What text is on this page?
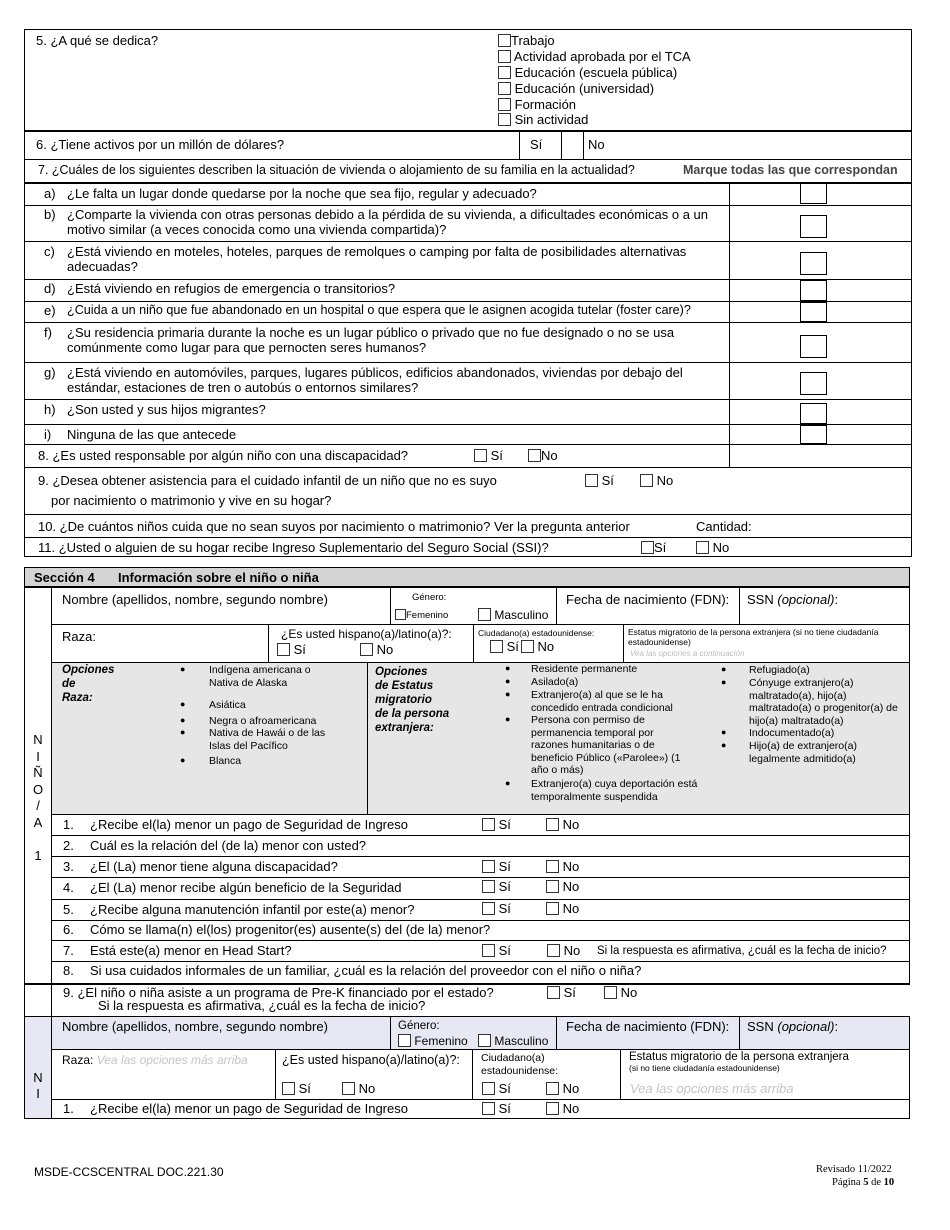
5. ¿A qué se dedica?	Trabajo
Actividad aprobada por el TCA
Educación (escuela pública)
Educación (universidad)
Formación
Sin actividad
6. ¿Tiene activos por un millón de dólares?	Sí	No
7. ¿Cuáles de los siguientes describen la situación de vivienda o alojamiento de su familia en la actualidad?	Marque todas las que correspondan
a) ¿Le falta un lugar donde quedarse por la noche que sea fijo, regular y adecuado?
b) ¿Comparte la vivienda con otras personas debido a la pérdida de su vivienda, a dificultades económicas o a un motivo similar (a veces conocida como una vivienda compartida)?
c) ¿Está viviendo en moteles, hoteles, parques de remolques o camping por falta de posibilidades alternativas adecuadas?
d) ¿Está viviendo en refugios de emergencia o transitorios?
e) ¿Cuida a un niño que fue abandonado en un hospital o que espera que le asignen acogida tutelar (foster care)?
f) ¿Su residencia primaria durante la noche es un lugar público o privado que no fue designado o no se usa comúnmente como lugar para que pernocten seres humanos?
g) ¿Está viviendo en automóviles, parques, lugares públicos, edificios abandonados, viviendas por debajo del estándar, estaciones de tren o autobús o entornos similares?
h) ¿Son usted y sus hijos migrantes?
i) Ninguna de las que antecede
8. ¿Es usted responsable por algún niño con una discapacidad?	Sí	No
9. ¿Desea obtener asistencia para el cuidado infantil de un niño que no es suyo
por nacimiento o matrimonio y vive en su hogar?
Sí	No
10. ¿De cuántos niños cuida que no sean suyos por nacimiento o matrimonio? Ver la pregunta anterior	Cantidad:
11. ¿Usted o alguien de su hogar recibe Ingreso Suplementario del Seguro Social (SSI)?	Sí	No
Sección 4 Información sobre el niño o niña
N
I
Ñ
O
/
A
1
Nombre (apellidos, nombre, segundo nombre)	Género:
Femenino	Masculino
Fecha de nacimiento (FDN): SSN (opcional):
Raza:	¿Es usted hispano(a)/latino(a)?:
Sí	No
Ciudadano(a) estadounidense:
Sí No
Estatus migratorio de la persona extranjera (si no tiene ciudadanía estadounidense)
Vea las opciones a continuación
Opciones
de
Raza:
● Indígena americana o Nativa de Alaska
● Asiática
● Negra o afroamericana
● Nativa de Hawái o de las Islas del Pacífico
● Blanca
Opciones
de Estatus
migratorio
de la persona
extranjera:
● Residente permanente
● Asilado(a)
● Extranjero(a) al que se le ha concedido entrada condicional
● Persona con permiso de permanencia temporal por razones humanitarias o de beneficio Público («Parolee») (1 año o más)
● Extranjero(a) cuya deportación está temporalmente suspendida
● Refugiado(a)
● Cónyuge extranjero(a) maltratado(a), hijo(a) maltratado(a) o progenitor(a) de hijo(a) maltratado(a)
● Indocumentado(a)
● Hijo(a) de extranjero(a) legalmente admitido(a)
1. ¿Recibe el(la) menor un pago de Seguridad de Ingreso	Sí	No
2. Cuál es la relación del (de la) menor con usted?
3. ¿El (La) menor tiene alguna discapacidad?	Sí	No
4. ¿El (La) menor recibe algún beneficio de la Seguridad	Sí	No
5. ¿Recibe alguna manutención infantil por este(a) menor?	Sí	No
6. Cómo se llama(n) el(los) progenitor(es) ausente(s) del (de la) menor?
7. Está este(a) menor en Head Start?	Sí	No Si la respuesta es afirmativa, ¿cuál es la fecha de inicio?
8. Si usa cuidados informales de un familiar, ¿cuál es la relación del proveedor con el niño o niña?
9. ¿El niño o niña asiste a un programa de Pre-K financiado por el estado?
Si la respuesta es afirmativa, ¿cuál es la fecha de inicio?
Sí	No
N
I
Nombre (apellidos, nombre, segundo nombre)	Género:
Femenino	Masculino
Fecha de nacimiento (FDN): SSN (opcional):
Raza: Vea las opciones más arriba	¿Es usted hispano(a)/latino(a)?:
Sí	No
Ciudadano(a)
estadounidense:
Sí	No
Estatus migratorio de la persona extranjera
(si no tiene ciudadanía estadounidense)
Vea las opciones más arriba
1. ¿Recibe el(la) menor un pago de Seguridad de Ingreso	Sí	No
MSDE-CCSCENTRAL DOC.221.30	Revisado 11/2022
Página 5 de 10
